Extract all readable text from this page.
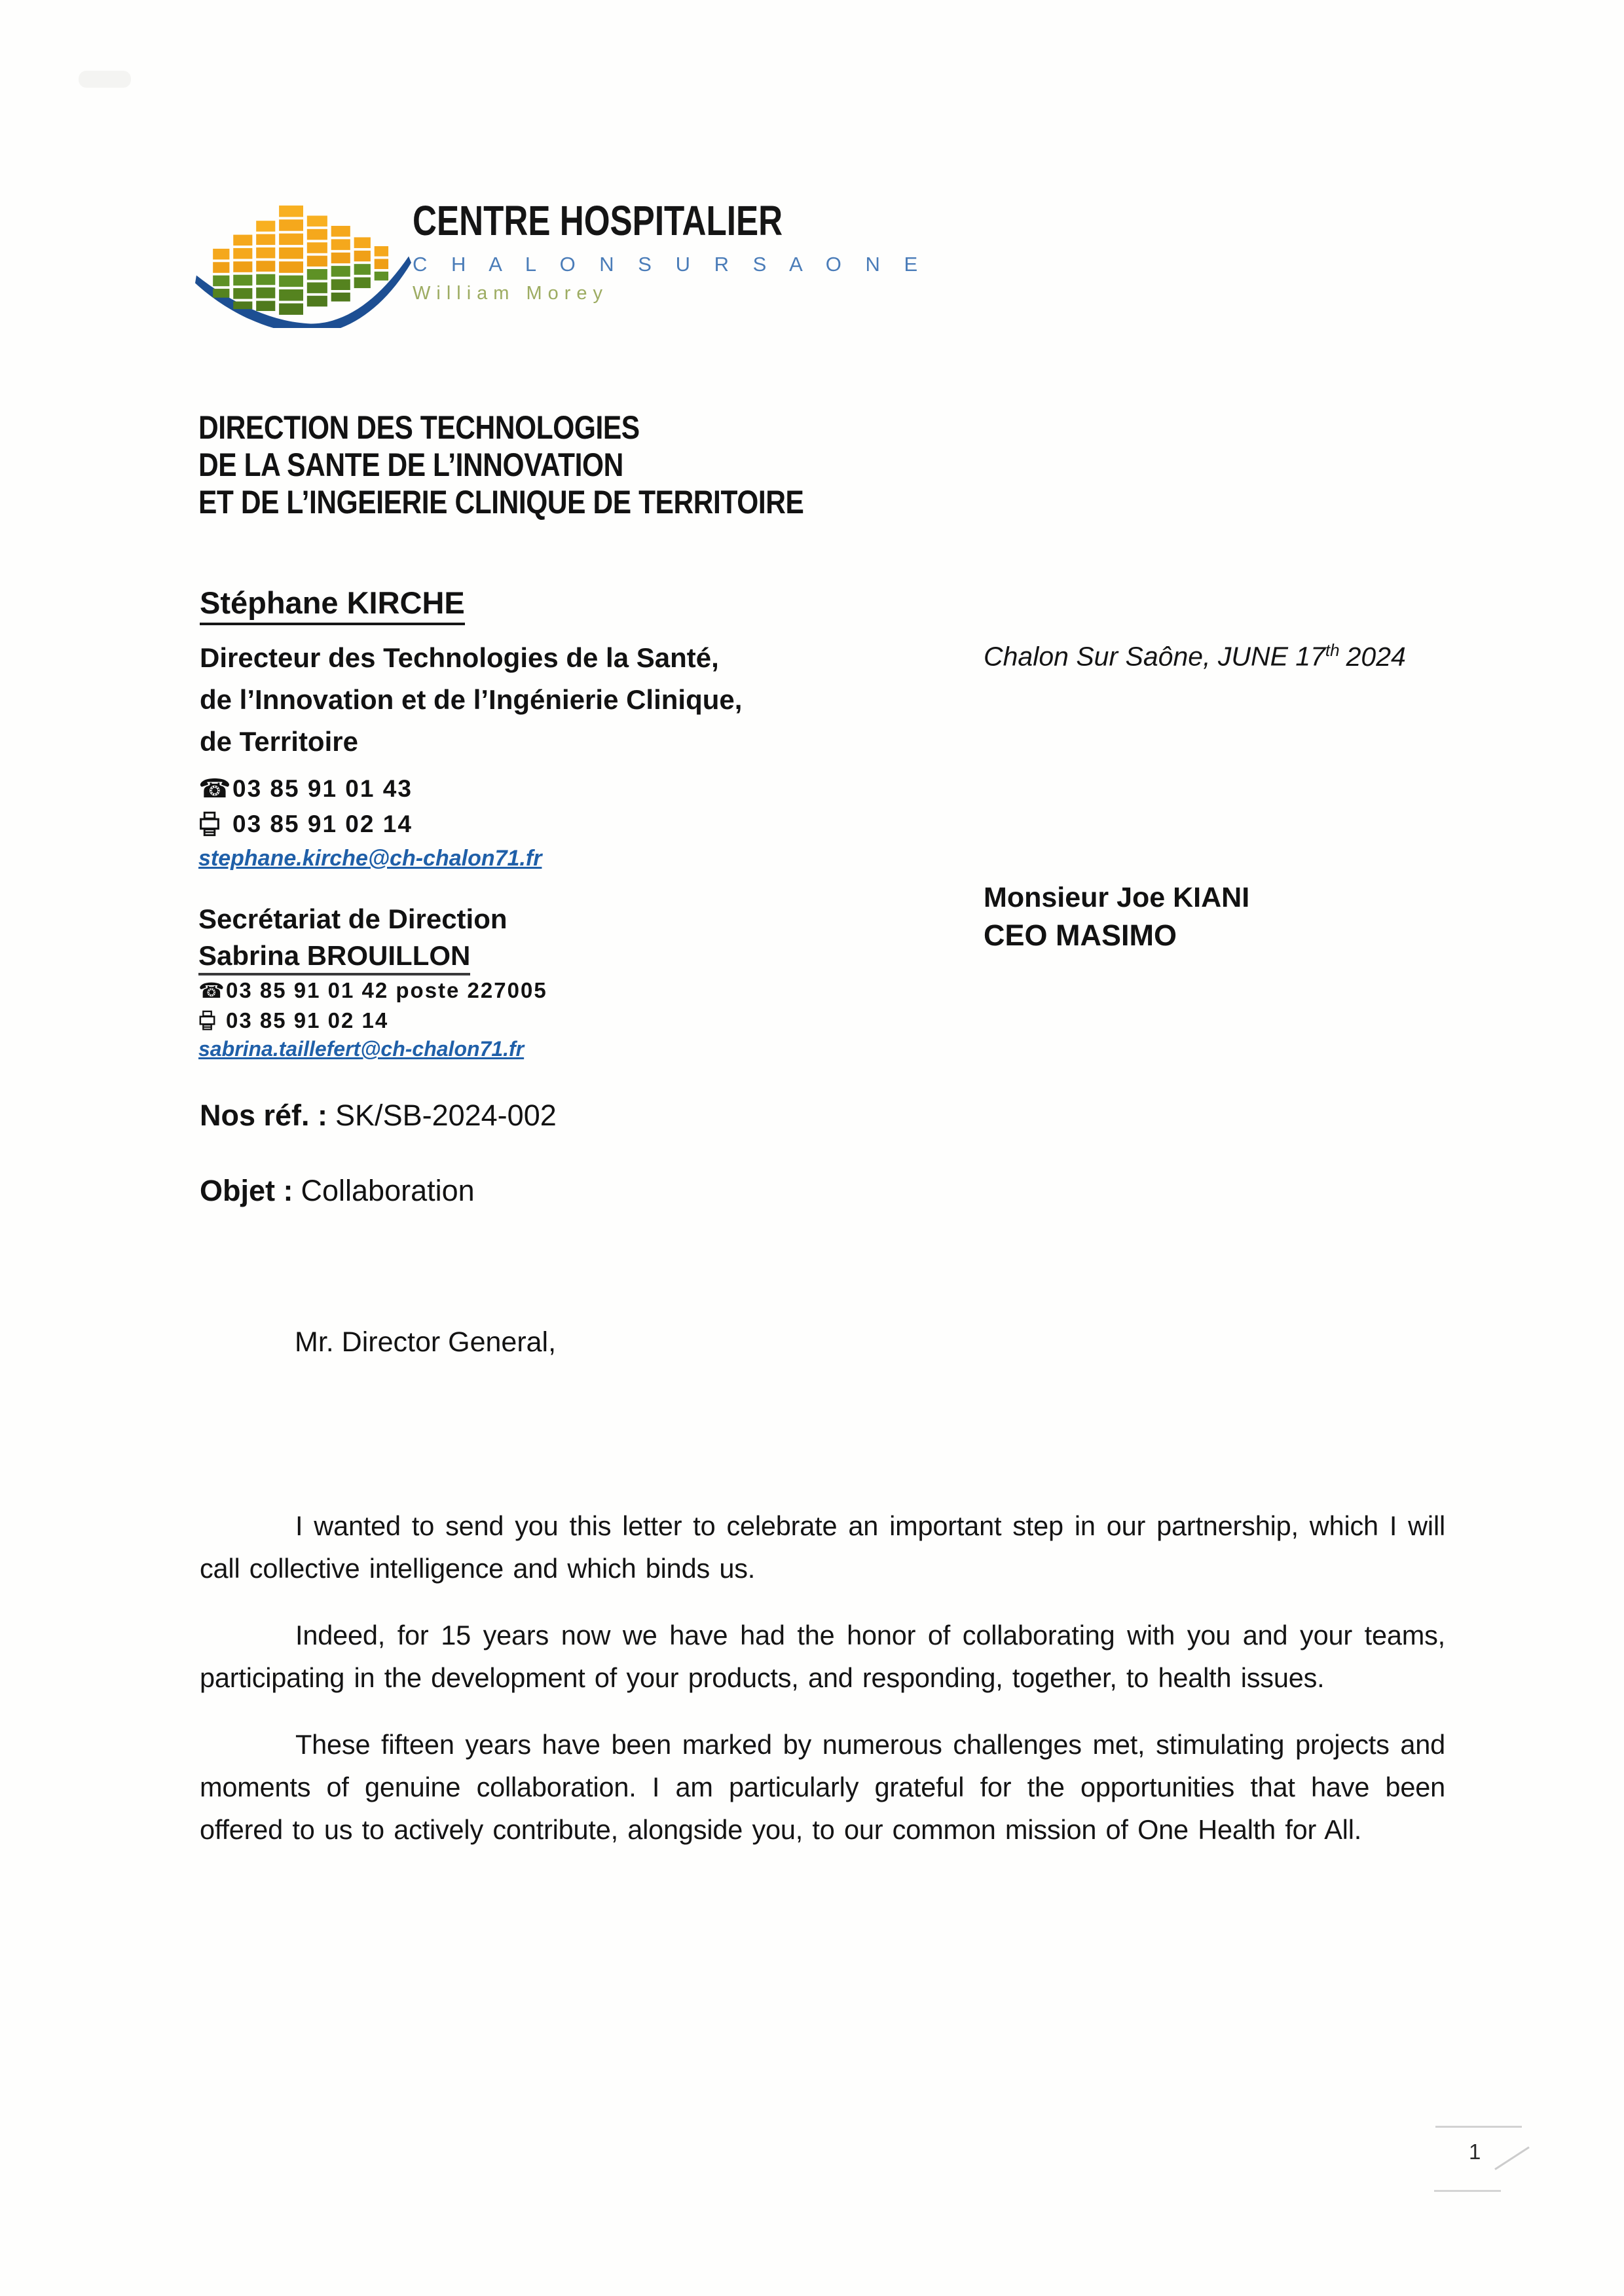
CENTRE HOSPITALIER
C H A L O N S U R S A O N E
William Morey
DIRECTION DES TECHNOLOGIES
DE LA SANTE DE L’INNOVATION
ET DE L’INGEIERIE CLINIQUE DE TERRITOIRE
Stéphane KIRCHE
Directeur des Technologies de la Santé,
de l’Innovation et de l’Ingénierie Clinique,
de Territoire
☎ 03 85 91 01 43
03 85 91 02 14
stephane.kirche@ch-chalon71.fr
Secrétariat de Direction
Sabrina BROUILLON
☎ 03 85 91 01 42 poste 227005
03 85 91 02 14
sabrina.taillefert@ch-chalon71.fr
Chalon Sur Saône, JUNE 17th 2024
Monsieur Joe KIANI
CEO MASIMO
Nos réf. : SK/SB-2024-002
Objet : Collaboration
Mr. Director General,

I wanted to send you this letter to celebrate an important step in our partnership, which I will call collective intelligence and which binds us.

Indeed, for 15 years now we have had the honor of collaborating with you and your teams, participating in the development of your products, and responding, together, to health issues.

These fifteen years have been marked by numerous challenges met, stimulating projects and moments of genuine collaboration. I am particularly grateful for the opportunities that have been offered to us to actively contribute, alongside you, to our common mission of One Health for All.

1
